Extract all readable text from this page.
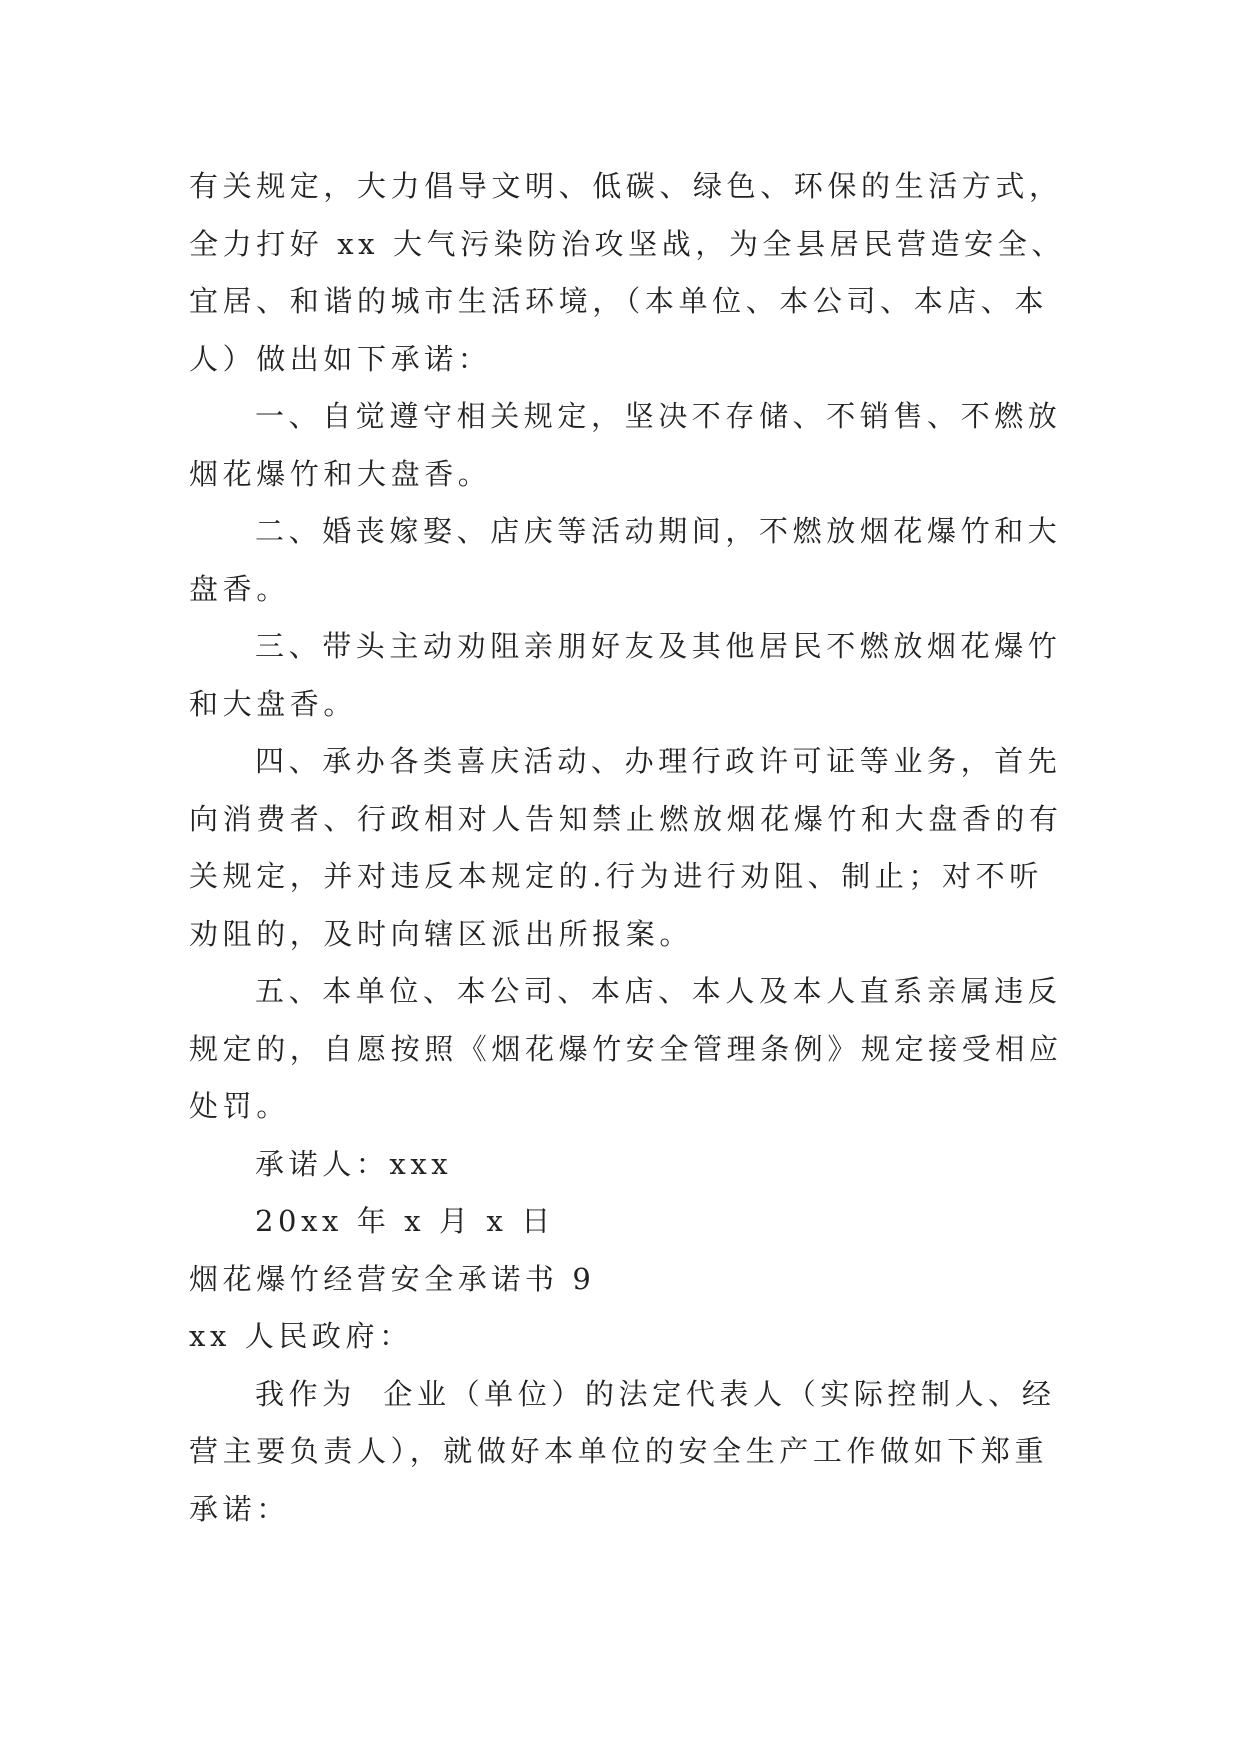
有关规定，大力倡导文明、低碳、绿色、环保的生活方式，
全力打好 xx 大气污染防治攻坚战，为全县居民营造安全、
宜居、和谐的城市生活环境，（本单位、本公司、本店、本
人）做出如下承诺：
一、自觉遵守相关规定，坚决不存储、不销售、不燃放
烟花爆竹和大盘香。
二、婚丧嫁娶、店庆等活动期间，不燃放烟花爆竹和大
盘香。
三、带头主动劝阻亲朋好友及其他居民不燃放烟花爆竹
和大盘香。
四、承办各类喜庆活动、办理行政许可证等业务，首先
向消费者、行政相对人告知禁止燃放烟花爆竹和大盘香的有
关规定，并对违反本规定的.行为进行劝阻、制止；对不听
劝阻的，及时向辖区派出所报案。
五、本单位、本公司、本店、本人及本人直系亲属违反
规定的，自愿按照《烟花爆竹安全管理条例》规定接受相应
处罚。
承诺人：xxx
20xx 年 x 月 x 日
烟花爆竹经营安全承诺书 9
xx 人民政府：
我作为  企业（单位）的法定代表人（实际控制人、经
营主要负责人），就做好本单位的安全生产工作做如下郑重
承诺：
